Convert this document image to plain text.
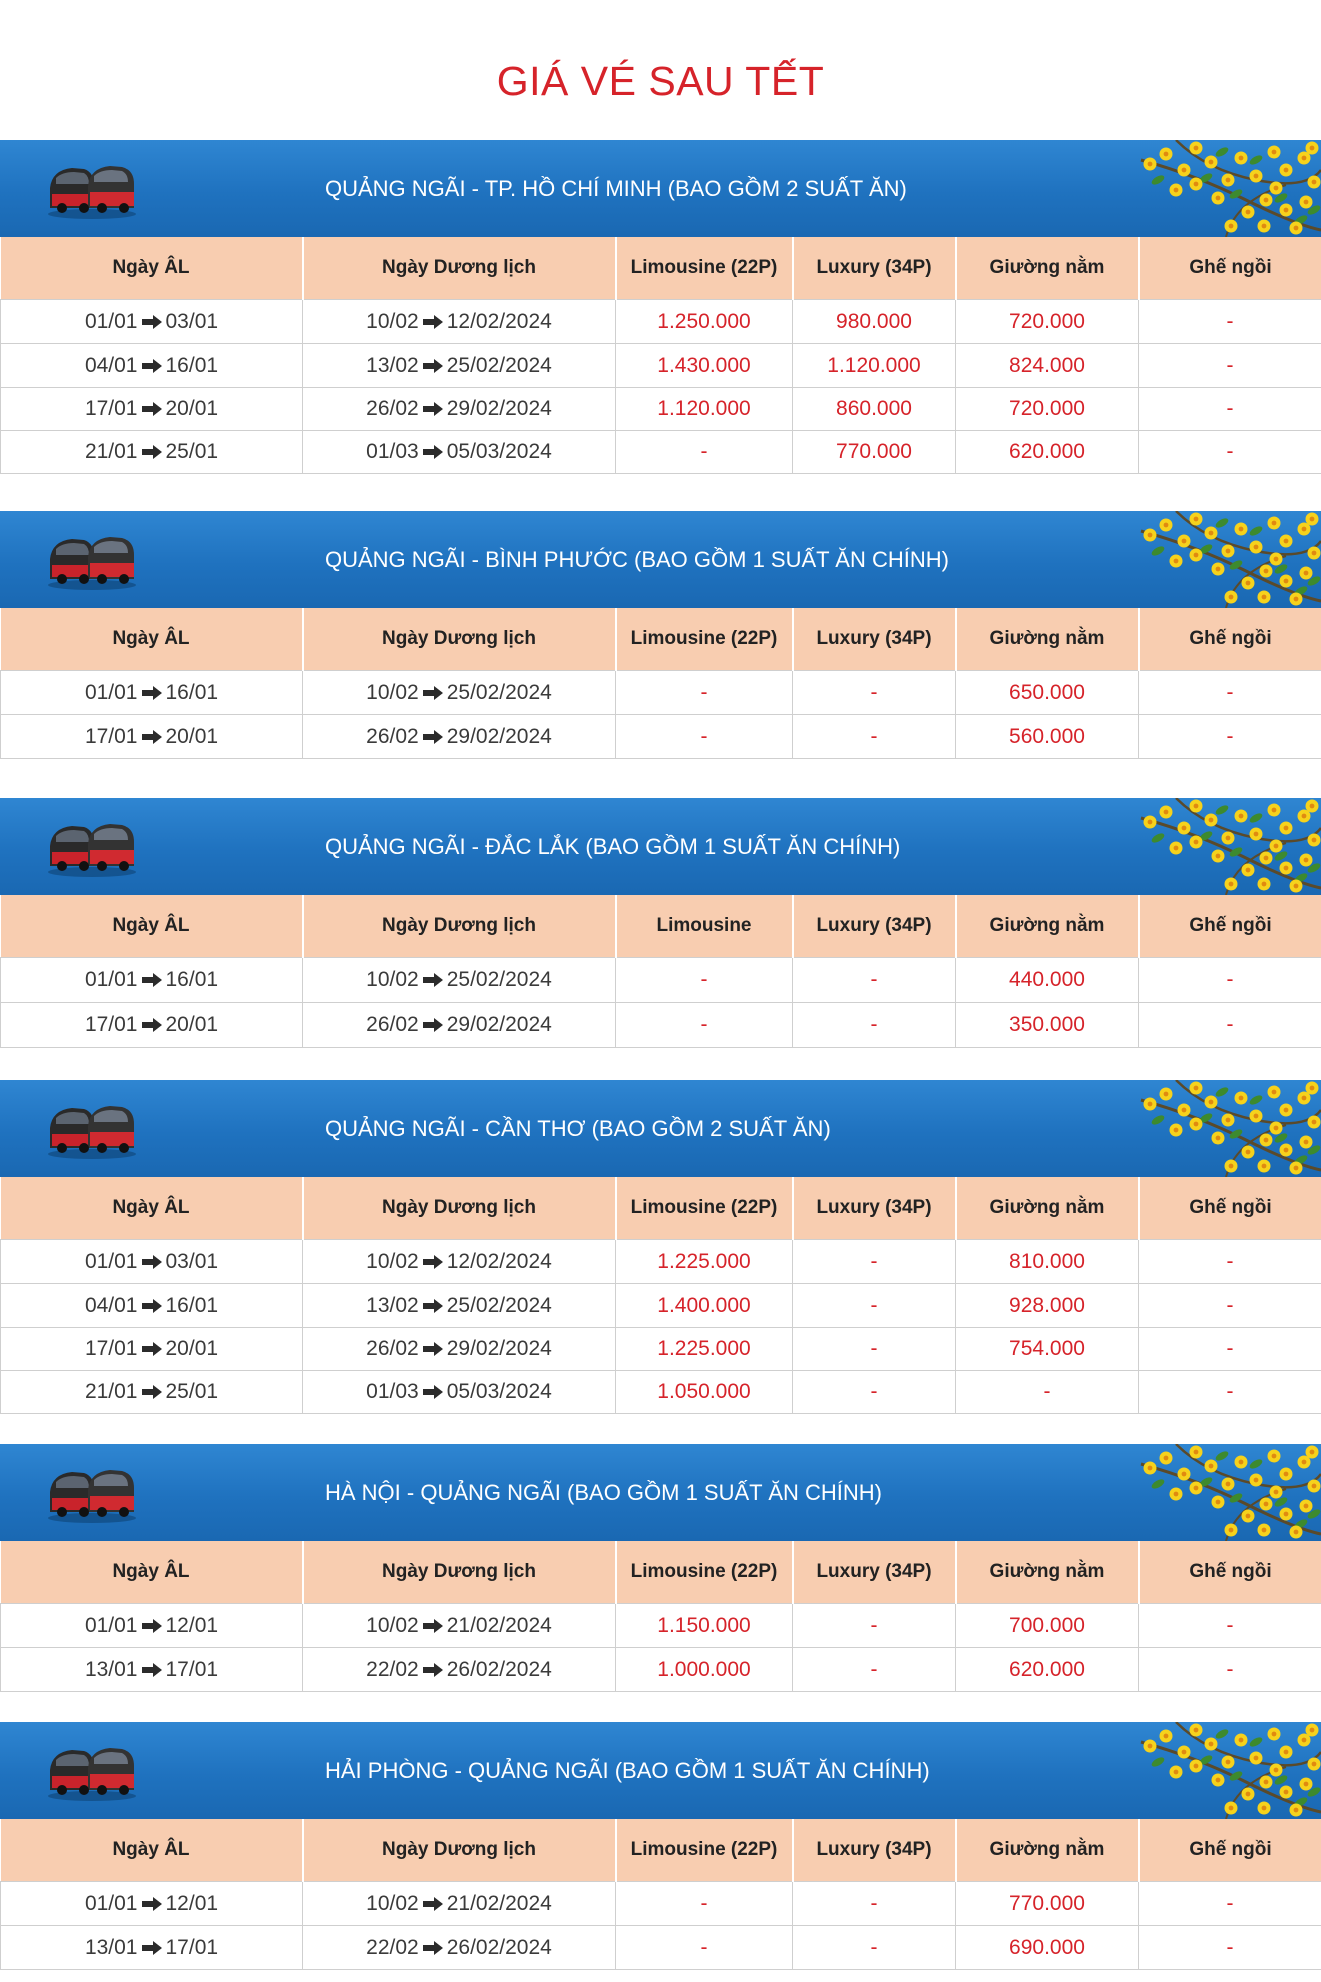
GIÁ VÉ SAU TẾT
QUẢNG NGÃI - TP. HỒ CHÍ MINH (BAO GỒM 2 SUẤT ĂN)
Ngày ÂL	Ngày Dương lịch	Limousine (22P)	Luxury (34P)	Giường nằm	Ghế ngồi
01/01 03/01	10/02 12/02/2024	1.250.000	980.000	720.000	-
04/01 16/01	13/02 25/02/2024	1.430.000	1.120.000	824.000	-
17/01 20/01	26/02 29/02/2024	1.120.000	860.000	720.000	-
21/01 25/01	01/03 05/03/2024	-	770.000	620.000	-
QUẢNG NGÃI - BÌNH PHƯỚC (BAO GỒM 1 SUẤT ĂN CHÍNH)
Ngày ÂL	Ngày Dương lịch	Limousine (22P)	Luxury (34P)	Giường nằm	Ghế ngồi
01/01 16/01	10/02 25/02/2024	-	-	650.000	-
17/01 20/01	26/02 29/02/2024	-	-	560.000	-
QUẢNG NGÃI - ĐẮC LẮK (BAO GỒM 1 SUẤT ĂN CHÍNH)
Ngày ÂL	Ngày Dương lịch	Limousine	Luxury (34P)	Giường nằm	Ghế ngồi
01/01 16/01	10/02 25/02/2024	-	-	440.000	-
17/01 20/01	26/02 29/02/2024	-	-	350.000	-
QUẢNG NGÃI - CẦN THƠ (BAO GỒM 2 SUẤT ĂN)
Ngày ÂL	Ngày Dương lịch	Limousine (22P)	Luxury (34P)	Giường nằm	Ghế ngồi
01/01 03/01	10/02 12/02/2024	1.225.000	-	810.000	-
04/01 16/01	13/02 25/02/2024	1.400.000	-	928.000	-
17/01 20/01	26/02 29/02/2024	1.225.000	-	754.000	-
21/01 25/01	01/03 05/03/2024	1.050.000	-	-	-
HÀ NỘI - QUẢNG NGÃI (BAO GỒM 1 SUẤT ĂN CHÍNH)
Ngày ÂL	Ngày Dương lịch	Limousine (22P)	Luxury (34P)	Giường nằm	Ghế ngồi
01/01 12/01	10/02 21/02/2024	1.150.000	-	700.000	-
13/01 17/01	22/02 26/02/2024	1.000.000	-	620.000	-
HẢI PHÒNG - QUẢNG NGÃI (BAO GỒM 1 SUẤT ĂN CHÍNH)
Ngày ÂL	Ngày Dương lịch	Limousine (22P)	Luxury (34P)	Giường nằm	Ghế ngồi
01/01 12/01	10/02 21/02/2024	-	-	770.000	-
13/01 17/01	22/02 26/02/2024	-	-	690.000	-
